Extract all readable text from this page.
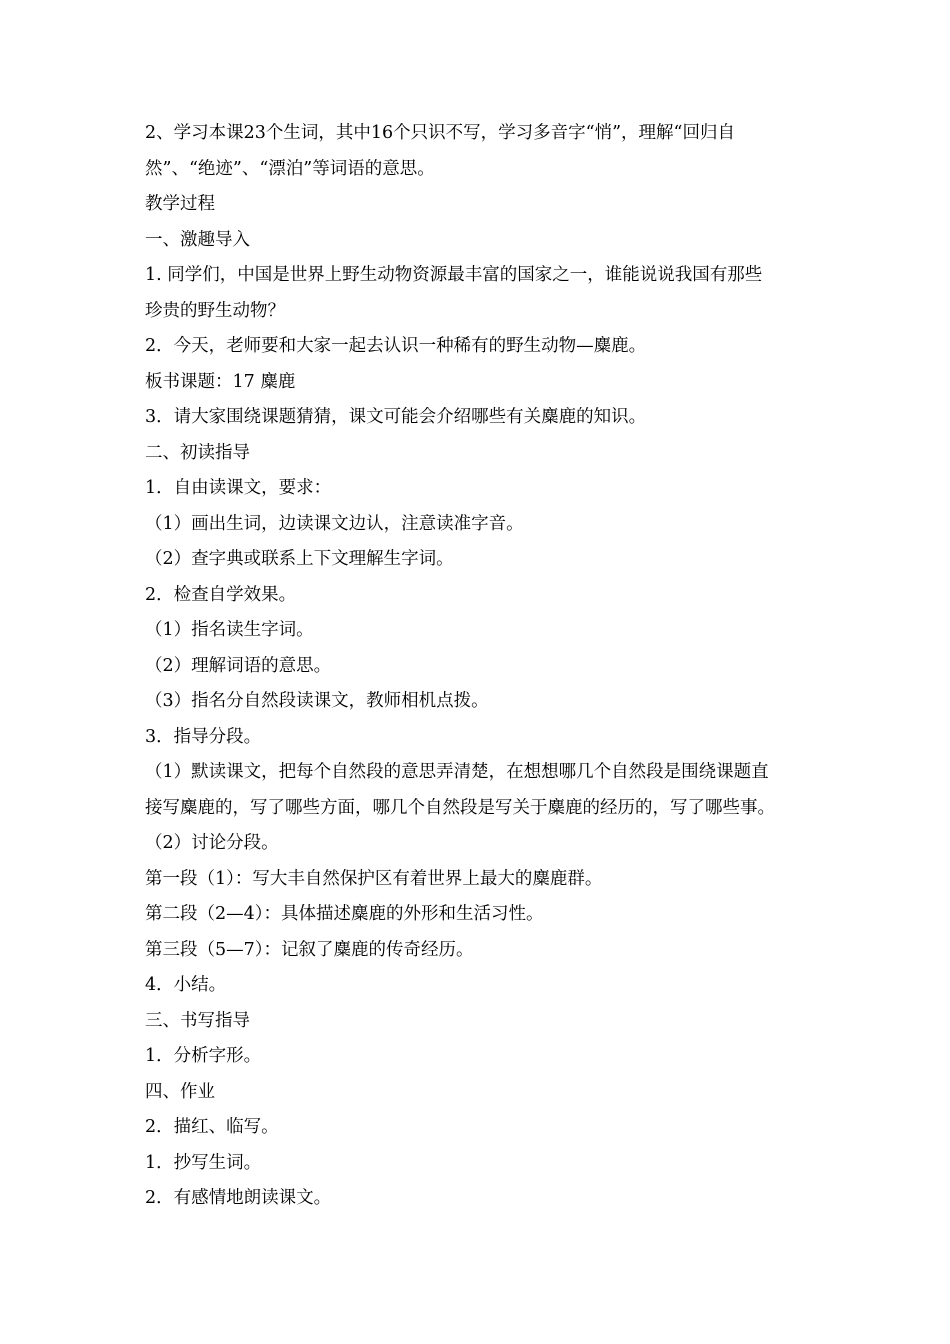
2、学习本课23个生词，其中16个只识不写，学习多音字“悄”，理解“回归自
然”、“绝迹”、“漂泊”等词语的意思。
教学过程
一、激趣导入
1. 同学们，中国是世界上野生动物资源最丰富的国家之一，谁能说说我国有那些
珍贵的野生动物？
2．今天，老师要和大家一起去认识一种稀有的野生动物—麋鹿。
板书课题：17 麋鹿
3．请大家围绕课题猜猜，课文可能会介绍哪些有关麋鹿的知识。
二、初读指导
1．自由读课文，要求：
（1）画出生词，边读课文边认，注意读准字音。
（2）查字典或联系上下文理解生字词。
2．检查自学效果。
（1）指名读生字词。
（2）理解词语的意思。
（3）指名分自然段读课文，教师相机点拨。
3．指导分段。
（1）默读课文，把每个自然段的意思弄清楚，在想想哪几个自然段是围绕课题直
接写麋鹿的，写了哪些方面，哪几个自然段是写关于麋鹿的经历的，写了哪些事。
（2）讨论分段。
第一段（1）：写大丰自然保护区有着世界上最大的麋鹿群。
第二段（2—4）：具体描述麋鹿的外形和生活习性。
第三段（5—7）：记叙了麋鹿的传奇经历。
4．小结。
三、书写指导
1．分析字形。
四、作业
2．描红、临写。
1．抄写生词。
2．有感情地朗读课文。
